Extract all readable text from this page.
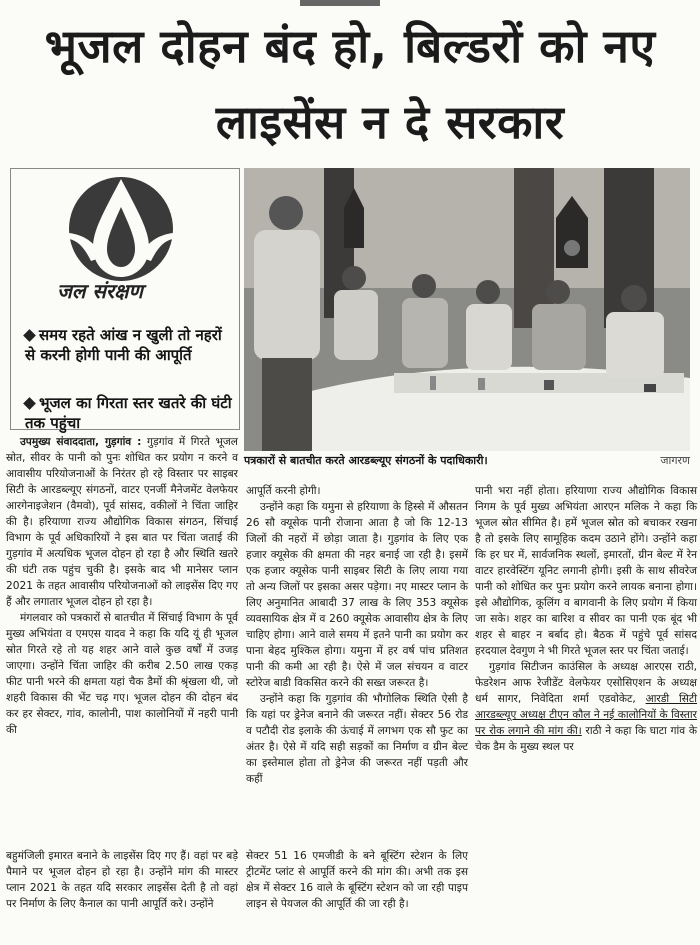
भूजल दोहन बंद हो, बिल्डरों को नए
लाइसेंस न दे सरकार
जल संरक्षण
समय रहते आंख न खुली तो नहरों से करनी होगी पानी की आपूर्ति
भूजल का गिरता स्तर खतरे की घंटी तक पहुंचा
पत्रकारों से बातचीत करते आरडब्ल्यूए संगठनों के पदाधिकारी।	जागरण

उपमुख्य संवाददाता, गुड़गांव : गुड़गांव में गिरते भूजल स्रोत, सीवर के पानी को पुनः शोधित कर प्रयोग न करने व आवासीय परियोजनाओं के निरंतर हो रहे विस्तार पर साइबर सिटी के आरडब्ल्यूए संगठनों, वाटर एनर्जी मैनेजमेंट वेलफेयर आरगेनाइजेशन (वैमवो), पूर्व सांसद, वकीलों ने चिंता जाहिर की है। हरियाणा राज्य औद्योगिक विकास संगठन, सिंचाई विभाग के पूर्व अधिकारियों ने इस बात पर चिंता जताई की गुड़गांव में अत्यधिक भूजल दोहन हो रहा है और स्थिति खतरे की घंटी तक पहुंच चुकी है। इसके बाद भी मानेसर प्लान 2021 के तहत आवासीय परियोजनाओं को लाइसेंस दिए गए हैं और लगातार भूजल दोहन हो रहा है।

मंगलवार को पत्रकारों से बातचीत में सिंचाई विभाग के पूर्व मुख्य अभियंता व एमएस यादव ने कहा कि यदि यूं ही भूजल स्रोत गिरते रहे तो यह शहर आने वाले कुछ वर्षों में उजड़ जाएगा। उन्होंने चिंता जाहिर की करीब 2.50 लाख एकड़ फीट पानी भरने की क्षमता यहां चैक डैमों की श्रृंखला थी, जो शहरी विकास की भेंट चढ़ गए। भूजल दोहन की दोहन बंद कर हर सेक्टर, गांव, कालोनी, पाश कालोनियों में नहरी पानी की

बहुमंजिली इमारत बनाने के लाइसेंस दिए गए हैं। वहां पर बड़े पैमाने पर भूजल दोहन हो रहा है। उन्होंने मांग की मास्टर प्लान 2021 के तहत यदि सरकार लाइसेंस देती है तो वहां पर निर्माण के लिए कैनाल का पानी आपूर्ति करे। उन्होंने

आपूर्ति करनी होगी।

उन्होंने कहा कि यमुना से हरियाणा के हिस्से में औसतन 26 सौ क्यूसेक पानी रोजाना आता है जो कि 12-13 जिलों की नहरों में छोड़ा जाता है। गुड़गांव के लिए एक हजार क्यूसेक की क्षमता की नहर बनाई जा रही है। इसमें एक हजार क्यूसेक पानी साइबर सिटी के लिए लाया गया तो अन्य जिलों पर इसका असर पड़ेगा। नए मास्टर प्लान के लिए अनुमानित आबादी 37 लाख के लिए 353 क्यूसेक व्यवसायिक क्षेत्र में व 260 क्यूसेक आवासीय क्षेत्र के लिए चाहिए होगा। आने वाले समय में इतने पानी का प्रयोग कर पाना बेहद मुश्किल होगा। यमुना में हर वर्ष पांच प्रतिशत पानी की कमी आ रही है। ऐसे में जल संचयन व वाटर स्टोरेज बाडी विकसित करने की सख्त जरूरत है।

उन्होंने कहा कि गुड़गांव की भौगोलिक स्थिति ऐसी है कि यहां पर ड्रेनेज बनाने की जरूरत नहीं। सेक्टर 56 रोड व पटौदी रोड इलाके की ऊंचाई में लगभग एक सौ फुट का अंतर है। ऐसे में यदि सही सड़कों का निर्माण व ग्रीन बेल्ट का इस्तेमाल होता तो ड्रेनेज की जरूरत नहीं पड़ती और कहीं

सेक्टर 51 16 एमजीडी के बने बूस्टिंग स्टेशन के लिए ट्रीटमेंट प्लांट से आपूर्ति करने की मांग की। अभी तक इस क्षेत्र में सेक्टर 16 वाले के बूस्टिंग स्टेशन को जा रही पाइप लाइन से पेयजल की आपूर्ति की जा रही है।

पानी भरा नहीं होता। हरियाणा राज्य औद्योगिक विकास निगम के पूर्व मुख्य अभियंता आरएन मलिक ने कहा कि भूजल स्रोत सीमित है। हमें भूजल स्रोत को बचाकर रखना है तो इसके लिए सामूहिक कदम उठाने होंगे। उन्होंने कहा कि हर घर में, सार्वजनिक स्थलों, इमारतों, ग्रीन बेल्ट में रेन वाटर हारवेस्टिंग यूनिट लगानी होगी। इसी के साथ सीवरेज पानी को शोधित कर पुनः प्रयोग करने लायक बनाना होगा। इसे औद्योगिक, कूलिंग व बागवानी के लिए प्रयोग में किया जा सके। शहर का बारिश व सीवर का पानी एक बूंद भी शहर से बाहर न बर्बाद हो। बैठक में पहुंचे पूर्व सांसद हरदयाल देवगुण ने भी गिरते भूजल स्तर पर चिंता जताई।

गुड़गांव सिटीजन काउंसिल के अध्यक्ष आरएस राठी, फेडरेशन आफ रेजीडेंट वेलफेयर एसोसिएशन के अध्यक्ष धर्म सागर, निवेदिता शर्मा एडवोकेट, आरडी सिटी आरडब्ल्यूए अध्यक्ष टीएन कौल ने नई कालोनियों के विस्तार पर रोक लगाने की मांग की। राठी ने कहा कि घाटा गांव के चेक डैम के मुख्य स्थल पर
